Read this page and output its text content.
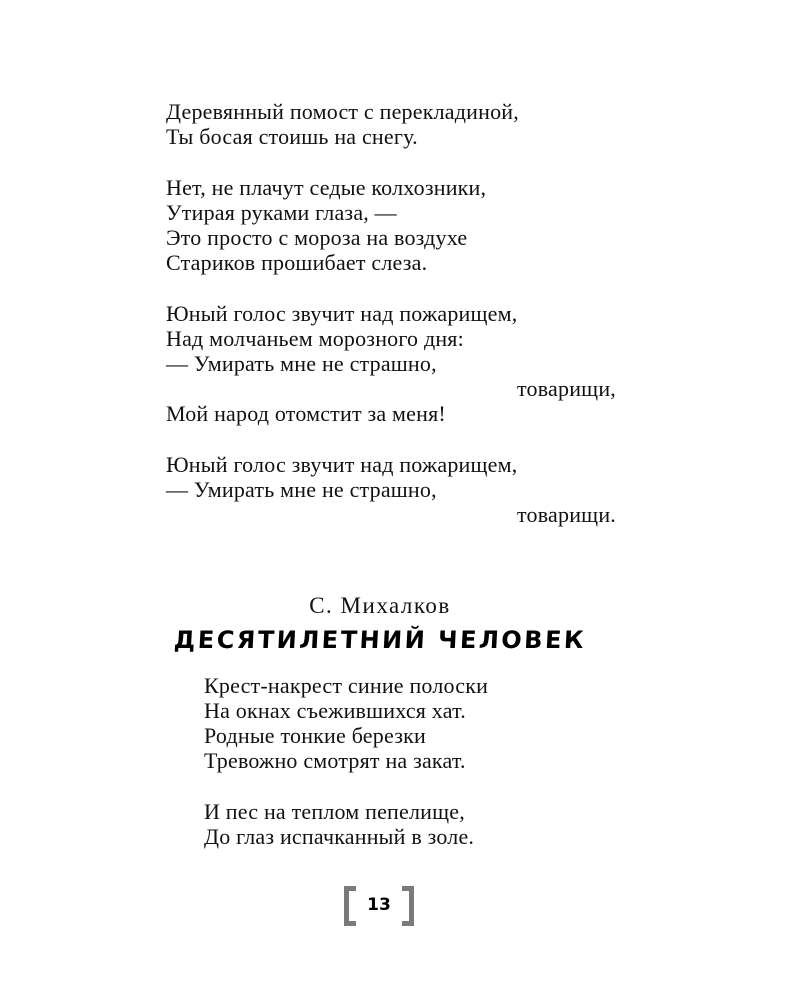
Деревянный помост с перекладиной,
Ты босая стоишь на снегу.
Нет, не плачут седые колхозники,
Утирая руками глаза, —
Это просто с мороза на воздухе
Стариков прошибает слеза.
Юный голос звучит над пожарищем,
Над молчаньем морозного дня:
— Умирать мне не страшно,
товарищи,
Мой народ отомстит за меня!
Юный голос звучит над пожарищем,
— Умирать мне не страшно,
товарищи.
С. Михалков
ДЕСЯТИЛЕТНИЙ ЧЕЛОВЕК
Крест-накрест синие полоски
На окнах съежившихся хат.
Родные тонкие березки
Тревожно смотрят на закат.
И пес на теплом пепелище,
До глаз испачканный в золе.
13
